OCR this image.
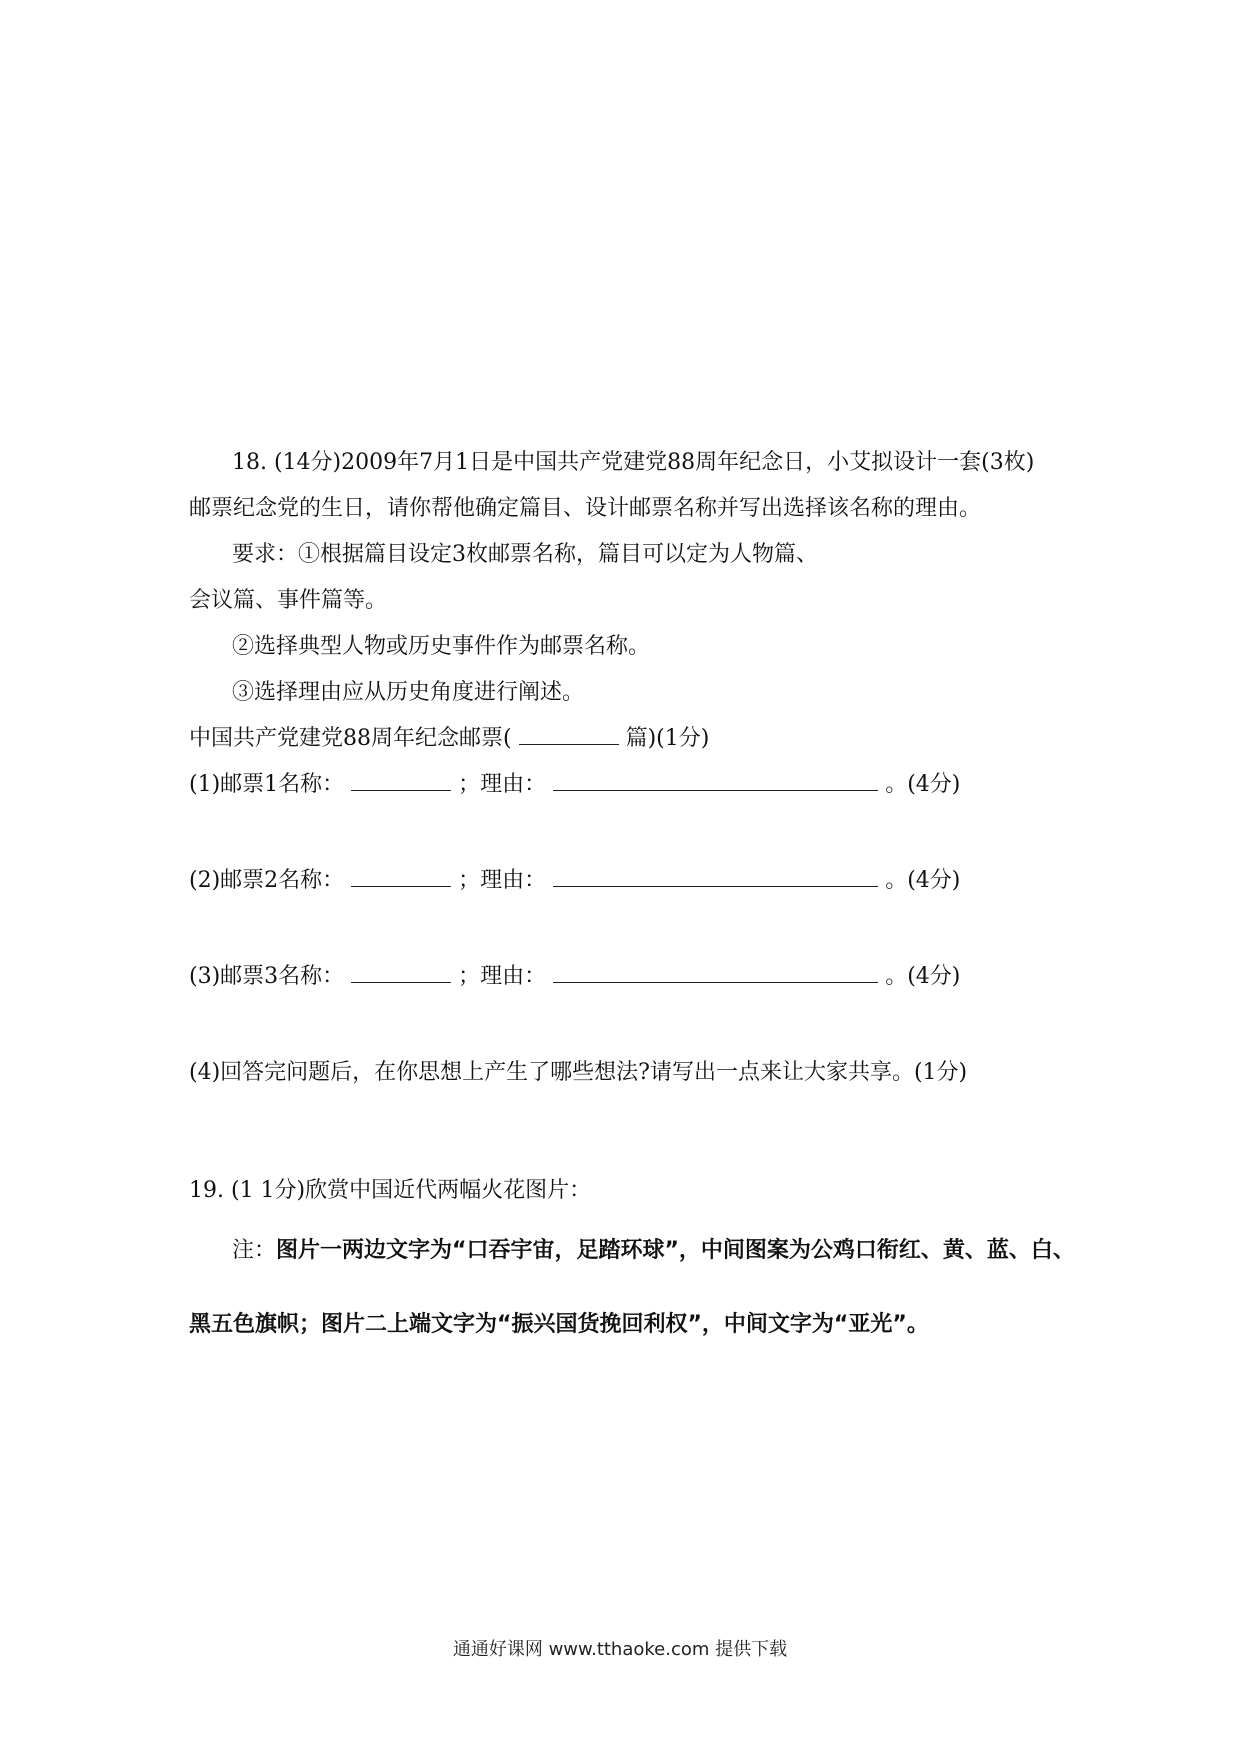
18. (14分)2009年7月1日是中国共产党建党88周年纪念日，小艾拟设计一套(3枚)
邮票纪念党的生日，请你帮他确定篇目、设计邮票名称并写出选择该名称的理由。
要求：①根据篇目设定3枚邮票名称，篇目可以定为人物篇、
会议篇、事件篇等。
②选择典型人物或历史事件作为邮票名称。
③选择理由应从历史角度进行阐述。
中国共产党建党88周年纪念邮票(	篇)(1分)
(1)邮票1名称：	；理由：	。(4分)
(2)邮票2名称：	；理由：	。(4分)
(3)邮票3名称：	；理由：	。(4分)
(4)回答完问题后，在你思想上产生了哪些想法?请写出一点来让大家共享。(1分)
19. (1 1分)欣赏中国近代两幅火花图片：
注：图片一两边文字为“口吞宇宙，足踏环球”，中间图案为公鸡口衔红、黄、蓝、白、
黑五色旗帜；图片二上端文字为“振兴国货挽回利权”，中间文字为“亚光”。
通通好课网 www.tthaoke.com 提供下载
